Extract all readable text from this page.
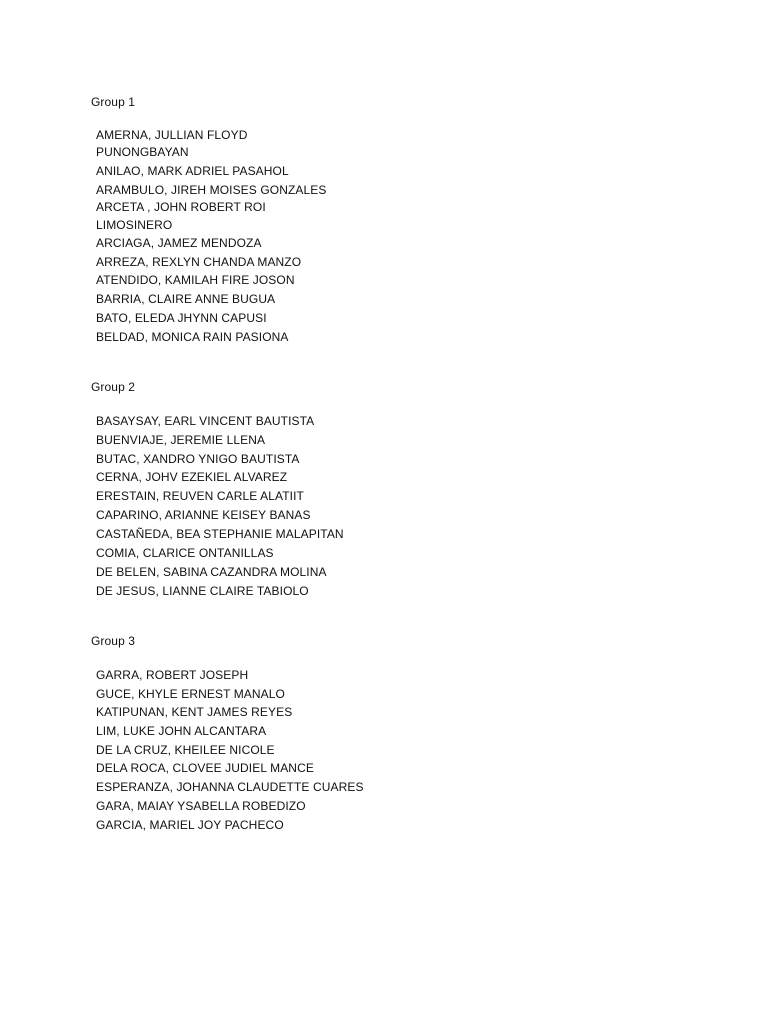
Group 1

AMERNA, JULLIAN FLOYD

PUNONGBAYAN

ANILAO, MARK ADRIEL PASAHOL

ARAMBULO, JIREH MOISES GONZALES

ARCETA , JOHN ROBERT ROI

LIMOSINERO

ARCIAGA, JAMEZ MENDOZA

ARREZA, REXLYN CHANDA MANZO

ATENDIDO, KAMILAH FIRE JOSON

BARRIA, CLAIRE ANNE BUGUA

BATO, ELEDA JHYNN CAPUSI

BELDAD, MONICA RAIN PASIONA

Group 2

BASAYSAY, EARL VINCENT BAUTISTA

BUENVIAJE, JEREMIE LLENA

BUTAC, XANDRO YNIGO BAUTISTA

CERNA, JOHV EZEKIEL ALVAREZ

ERESTAIN, REUVEN CARLE ALATIIT

CAPARINO, ARIANNE KEISEY BANAS

CASTAÑEDA, BEA STEPHANIE MALAPITAN

COMIA, CLARICE ONTANILLAS

DE BELEN, SABINA CAZANDRA MOLINA

DE JESUS, LIANNE CLAIRE TABIOLO

Group 3

GARRA, ROBERT JOSEPH

GUCE, KHYLE ERNEST MANALO

KATIPUNAN, KENT JAMES REYES

LIM, LUKE JOHN ALCANTARA

DE LA CRUZ, KHEILEE NICOLE

DELA ROCA, CLOVEE JUDIEL MANCE

ESPERANZA, JOHANNA CLAUDETTE CUARES

GARA, MAIAY YSABELLA ROBEDIZO

GARCIA, MARIEL JOY PACHECO
